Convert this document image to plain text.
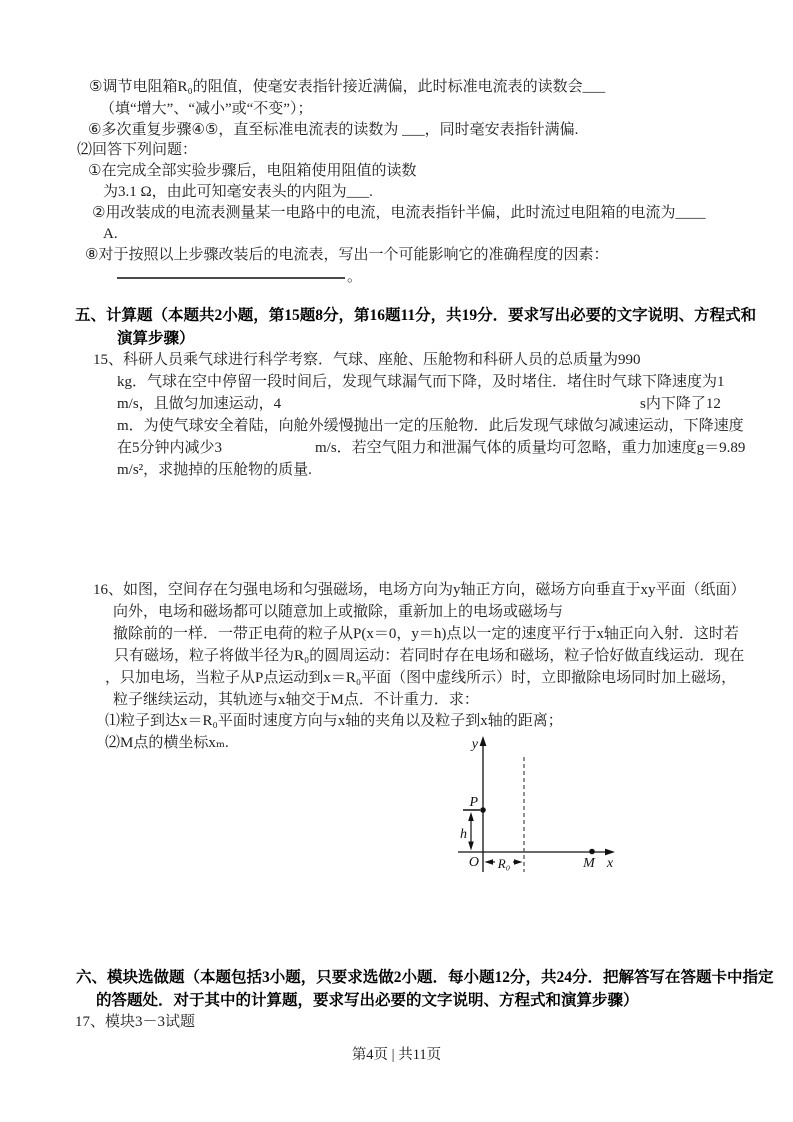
⑤调节电阻箱R₀的阻值，使毫安表指针接近满偏，此时标准电流表的读数会___
（填“增大”、“减小”或“不变”）；
⑥多次重复步骤④⑤，直至标准电流表的读数为 ___，同时毫安表指针满偏.
⑵回答下列问题：
①在完成全部实验步骤后，电阻箱使用阻值的读数
为3.1 Ω，由此可知毫安表头的内阻为___.
②用改装成的电流表测量某一电路中的电流，电流表指针半偏，此时流过电阻箱的电流为____
A.
⑧对于按照以上步骤改装后的电流表，写出一个可能影响它的准确程度的因素：
。
五、计算题（本题共2小题，第15题8分，第16题11分，共19分．要求写出必要的文字说明、方程式和
演算步骤）
15、科研人员乘气球进行科学考察．气球、座舱、压舱物和科研人员的总质量为990
kg．气球在空中停留一段时间后，发现气球漏气而下降，及时堵住．堵住时气球下降速度为1
m/s，且做匀加速运动，4	s内下降了12
m．为使气球安全着陆，向舱外缓慢抛出一定的压舱物．此后发现气球做匀减速运动，下降速度
在5分钟内减少3	m/s．若空气阻力和泄漏气体的质量均可忽略，重力加速度g＝9.89
m/s²，求抛掉的压舱物的质量.
16、如图，空间存在匀强电场和匀强磁场，电场方向为y轴正方向，磁场方向垂直于xy平面（纸面）
向外，电场和磁场都可以随意加上或撤除，重新加上的电场或磁场与
撤除前的一样．一带正电荷的粒子从P(x＝0，y＝h)点以一定的速度平行于x轴正向入射．这时若
只有磁场，粒子将做半径为R₀的圆周运动：若同时存在电场和磁场，粒子恰好做直线运动．现在
，只加电场，当粒子从P点运动到x＝R₀平面（图中虚线所示）时，立即撤除电场同时加上磁场，
粒子继续运动，其轨迹与x轴交于M点．不计重力．求：
⑴粒子到达x＝R₀平面时速度方向与x轴的夹角以及粒子到x轴的距离；
⑵M点的横坐标xₘ.	y
P
h
O R₀	M x
六、模块选做题（本题包括3小题，只要求选做2小题．每小题12分，共24分．把解答写在答题卡中指定
的答题处．对于其中的计算题，要求写出必要的文字说明、方程式和演算步骤）
17、模块3－3试题
第4页 | 共11页
